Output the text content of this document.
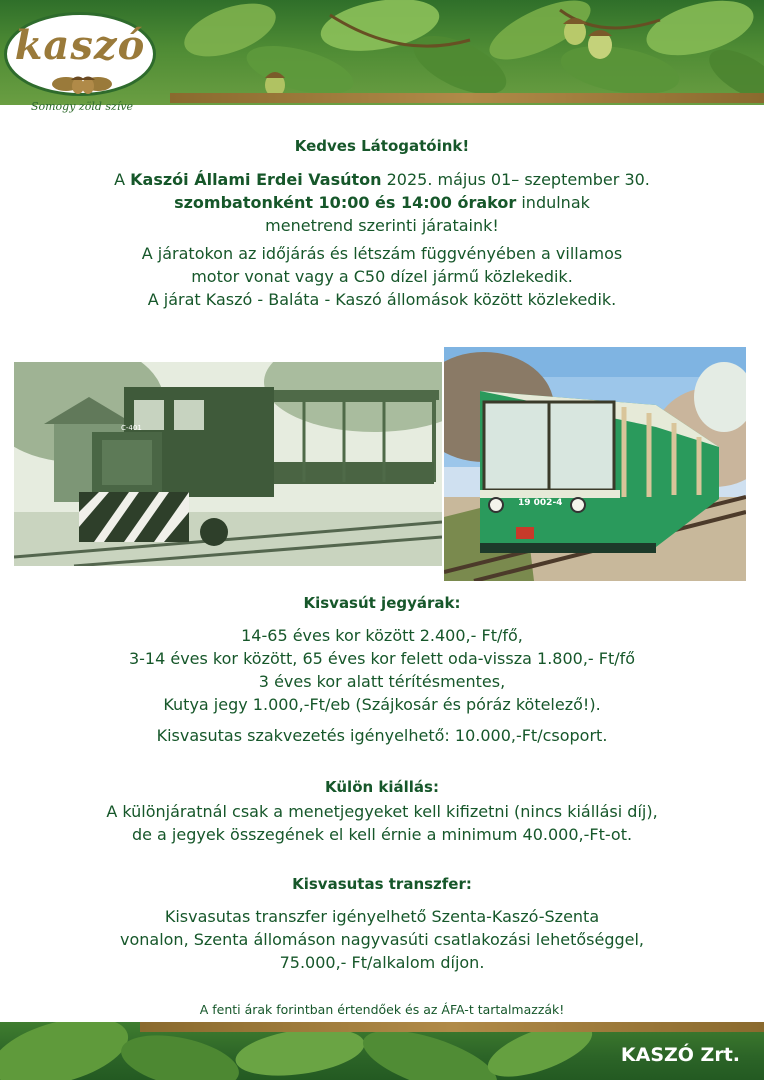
kaszó
Somogy zöld szíve
Kedves Látogatóink!
A Kaszói Állami Erdei Vasúton 2025. május 01– szeptember 30.
szombatonként 10:00 és 14:00 órakor indulnak
menetrend szerinti járataink!
A járatokon az időjárás és létszám függvényében a villamos
motor vonat vagy a C50 dízel jármű közlekedik.
A járat Kaszó - Baláta - Kaszó állomások között közlekedik.
C-401
19 002-4
Kisvasút jegyárak:
14-65 éves kor között 2.400,- Ft/fő,
3-14 éves kor között, 65 éves kor felett oda-vissza 1.800,- Ft/fő
3 éves kor alatt térítésmentes,
Kutya jegy 1.000,-Ft/eb (Szájkosár és póráz kötelező!).
Kisvasutas szakvezetés igényelhető: 10.000,-Ft/csoport.
Külön kiállás:
A különjáratnál csak a menetjegyeket kell kifizetni (nincs kiállási díj),
de a jegyek összegének el kell érnie a minimum 40.000,-Ft-ot.
Kisvasutas transzfer:
Kisvasutas transzfer igényelhető Szenta-Kaszó-Szenta
vonalon, Szenta állomáson nagyvasúti csatlakozási lehetőséggel,
75.000,- Ft/alkalom díjon.
A fenti árak forintban értendőek és az ÁFA-t tartalmazzák!
KASZÓ Zrt.
